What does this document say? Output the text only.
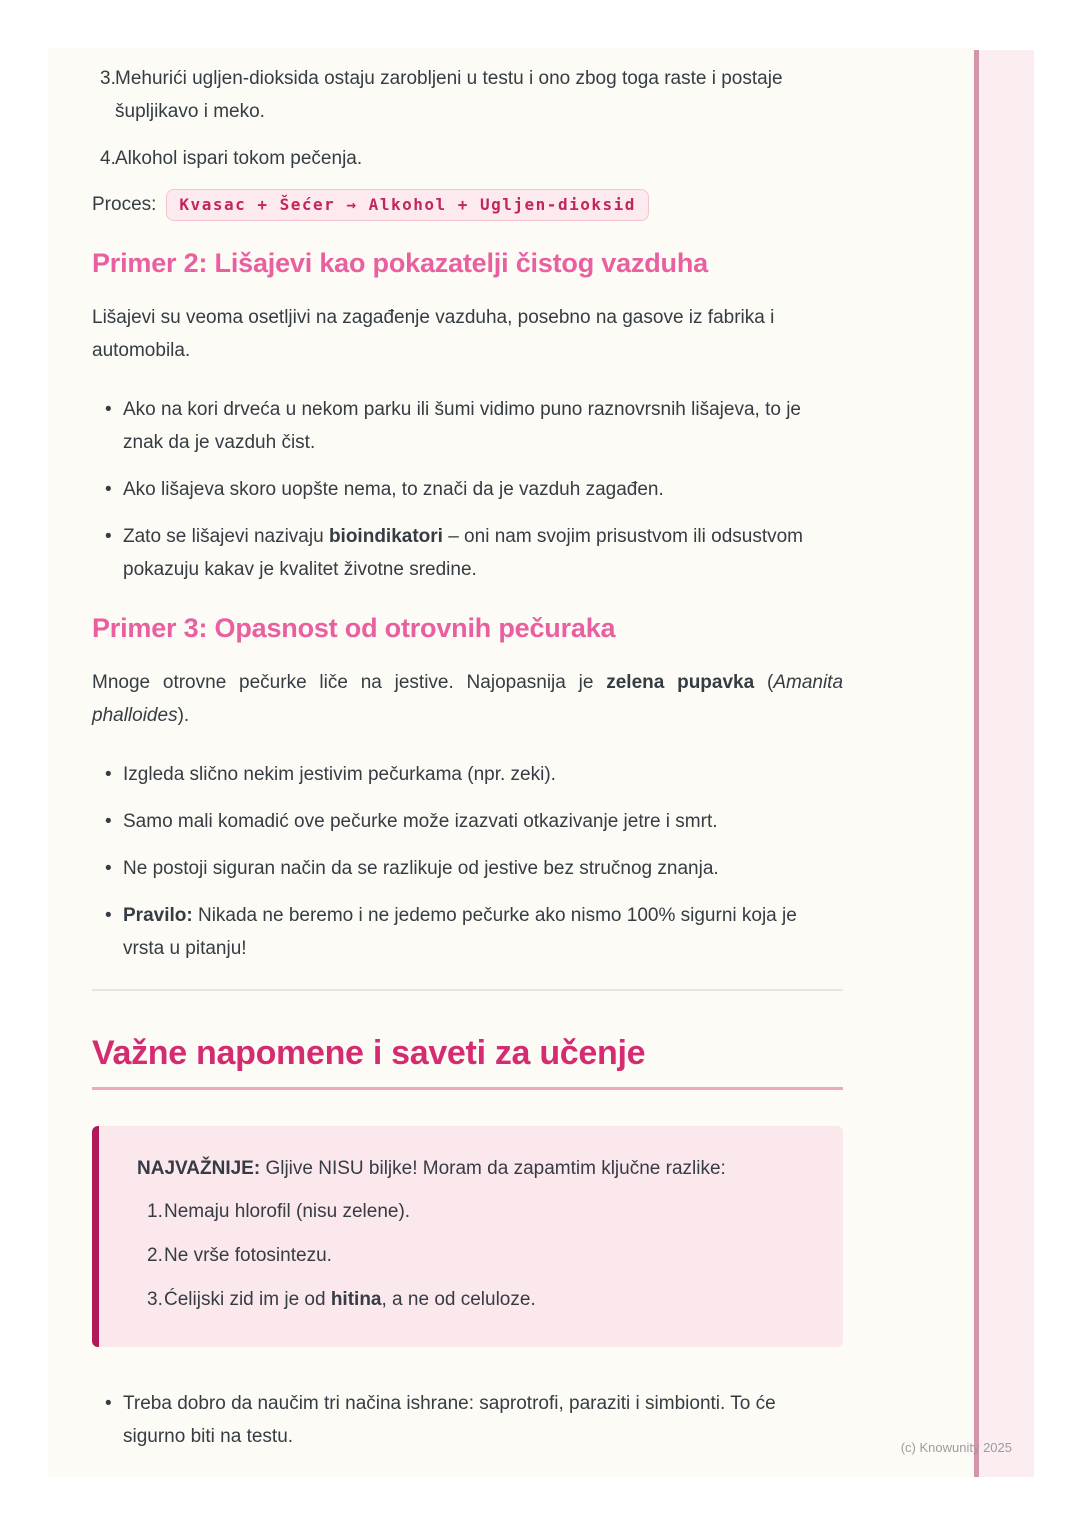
3. Mehurići ugljen-dioksida ostaju zarobljeni u testu i ono zbog toga raste i postaje šupljikavo i meko.
4. Alkohol ispari tokom pečenja.
Proces:	Kvasac + Šećer → Alkohol + Ugljen-dioksid
Primer 2: Lišajevi kao pokazatelji čistog vazduha

Lišajevi su veoma osetljivi na zagađenje vazduha, posebno na gasove iz fabrika i automobila.

• Ako na kori drveća u nekom parku ili šumi vidimo puno raznovrsnih lišajeva, to je znak da je vazduh čist.
• Ako lišajeva skoro uopšte nema, to znači da je vazduh zagađen.
• Zato se lišajevi nazivaju bioindikatori – oni nam svojim prisustvom ili odsustvom pokazuju kakav je kvalitet životne sredine.
Primer 3: Opasnost od otrovnih pečuraka

Mnoge otrovne pečurke liče na jestive. Najopasnija je zelena pupavka (Amanita phalloides).

• Izgleda slično nekim jestivim pečurkama (npr. zeki).
• Samo mali komadić ove pečurke može izazvati otkazivanje jetre i smrt.
• Ne postoji siguran način da se razlikuje od jestive bez stručnog znanja.
• Pravilo: Nikada ne beremo i ne jedemo pečurke ako nismo 100% sigurni koja je vrsta u pitanju!
Važne napomene i saveti za učenje

NAJVAŽNIJE: Gljive NISU biljke! Moram da zapamtim ključne razlike:

1. Nemaju hlorofil (nisu zelene).
2. Ne vrše fotosintezu.
3. Ćelijski zid im je od hitina, a ne od celuloze.
• Treba dobro da naučim tri načina ishrane: saprotrofi, paraziti i simbionti. To će sigurno biti na testu.
(c) Knowunity 2025
